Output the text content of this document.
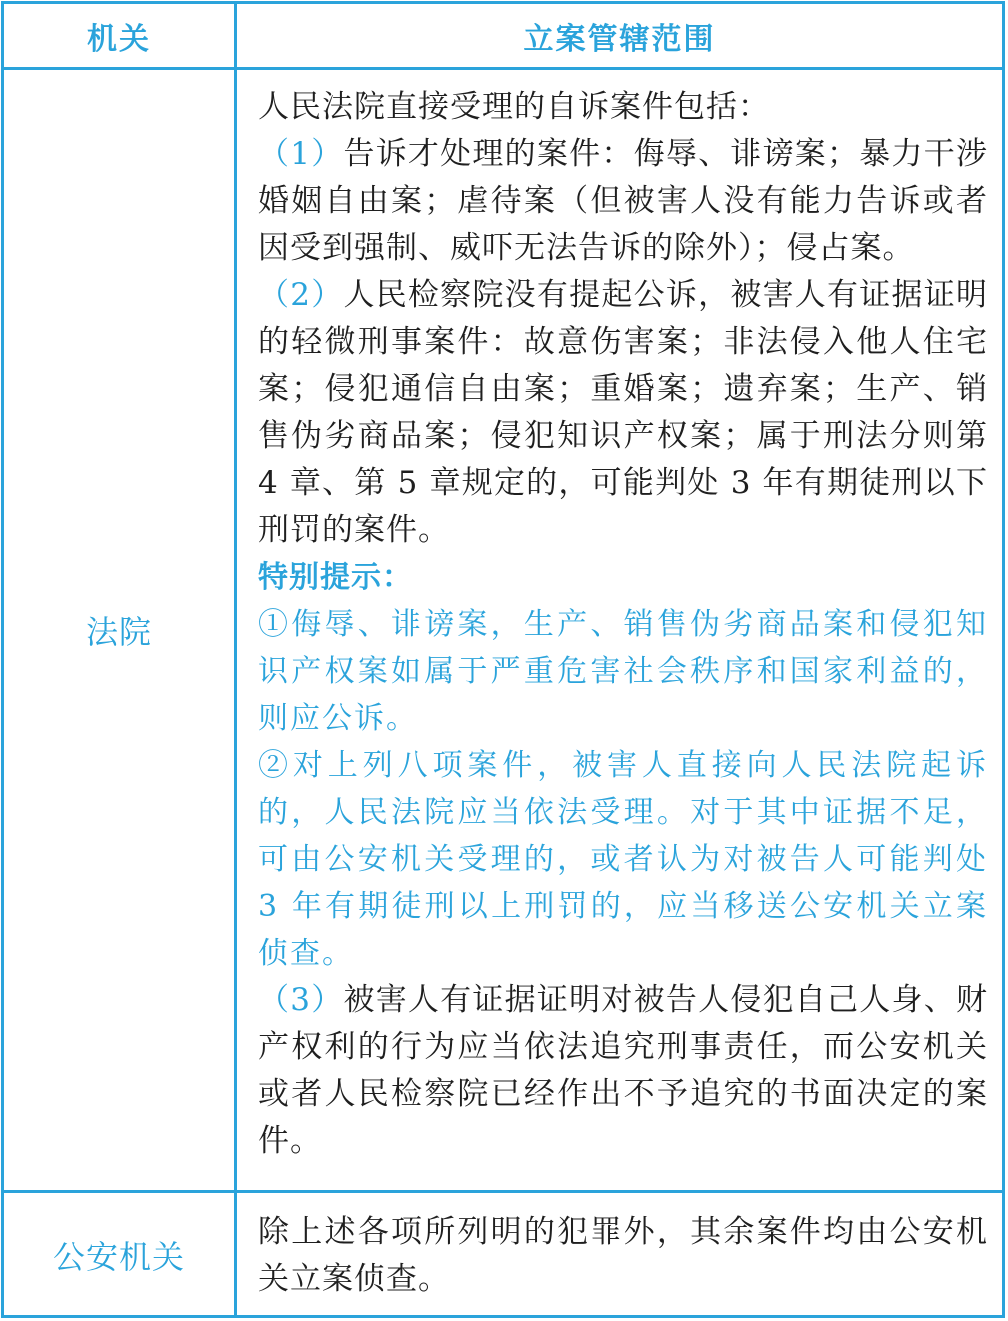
机关	立案管辖范围
法院

人民法院直接受理的自诉案件包括：

（1）告诉才处理的案件：侮辱、诽谤案；暴力干涉婚姻自由案；虐待案（但被害人没有能力告诉或者因受到强制、威吓无法告诉的除外）；侵占案。

（2）人民检察院没有提起公诉，被害人有证据证明的轻微刑事案件：故意伤害案；非法侵入他人住宅案；侵犯通信自由案；重婚案；遗弃案；生产、销售伪劣商品案；侵犯知识产权案；属于刑法分则第 4 章、第 5 章规定的，可能判处 3 年有期徒刑以下刑罚的案件。

特别提示：

①侮辱、诽谤案，生产、销售伪劣商品案和侵犯知识产权案如属于严重危害社会秩序和国家利益的，则应公诉。

②对上列八项案件，被害人直接向人民法院起诉的，人民法院应当依法受理。对于其中证据不足，可由公安机关受理的，或者认为对被告人可能判处 3 年有期徒刑以上刑罚的，应当移送公安机关立案侦查。

（3）被害人有证据证明对被告人侵犯自己人身、财产权利的行为应当依法追究刑事责任，而公安机关或者人民检察院已经作出不予追究的书面决定的案件。

公安机关

除上述各项所列明的犯罪外，其余案件均由公安机关立案侦查。
